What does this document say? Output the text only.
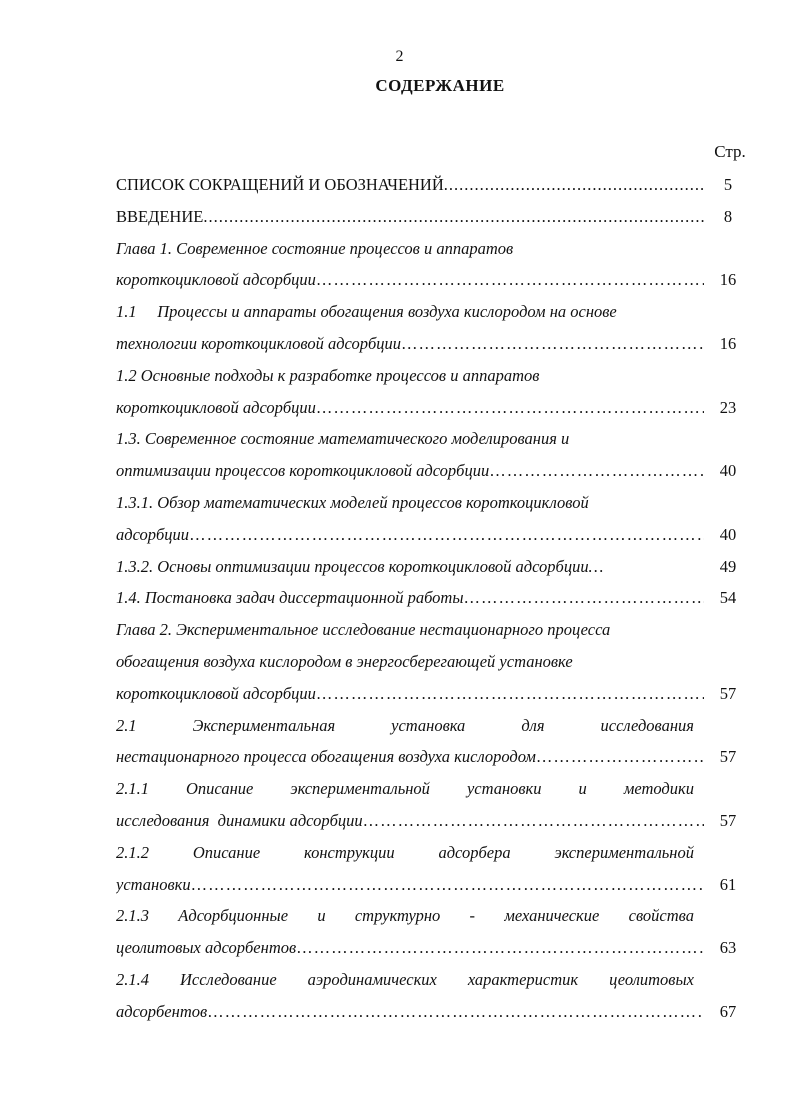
2
СОДЕРЖАНИЕ
Стр.
СПИСОК СОКРАЩЕНИЙ И ОБОЗНАЧЕНИЙ .....	5
ВВЕДЕНИЕ .....	8
Глава 1. Современное состояние процессов и аппаратов
короткоцикловой адсорбции ……………………………………………………………………………………………………………………………………………………………	16
1.1     Процессы и аппараты обогащения воздуха кислородом на основе
технологии короткоцикловой адсорбции ……………………………………………………………………………………………………………………………………………………………	16
1.2 Основные подходы к разработке процессов и аппаратов
короткоцикловой адсорбции ……………………………………………………………………………………………………………………………………………………………	23
1.3. Современное состояние математического моделирования и
оптимизации процессов короткоцикловой адсорбции ……………………………………………………………………………………………………………………………………………………………	40
1.3.1. Обзор математических моделей процессов короткоцикловой
адсорбции ……………………………………………………………………………………………………………………………………………………………	40
1.3.2. Основы оптимизации процессов короткоцикловой адсорбции…	49
1.4. Постановка задач диссертационной работы ……………………………………………………………………………………………………………………………………………………………	54
Глава 2. Экспериментальное исследование нестационарного процесса
обогащения воздуха кислородом в энергосберегающей установке
короткоцикловой адсорбции ……………………………………………………………………………………………………………………………………………………………	57
2.1	Экспериментальная	установка	для	исследования
нестационарного процесса обогащения воздуха кислородом ……………………………………………………………………………………………………………………………………………………………	57
2.1.1 Описание экспериментальной установки и методики
исследования  динамики адсорбции ……………………………………………………………………………………………………………………………………………………………	57
2.1.2	Описание	конструкции	адсорбера	экспериментальной
установки ……………………………………………………………………………………………………………………………………………………………	61
2.1.3 Адсорбционные и структурно - механические свойства
цеолитовых адсорбентов ……………………………………………………………………………………………………………………………………………………………	63
2.1.4 Исследование аэродинамических характеристик цеолитовых
адсорбентов ……………………………………………………………………………………………………………………………………………………………	67
